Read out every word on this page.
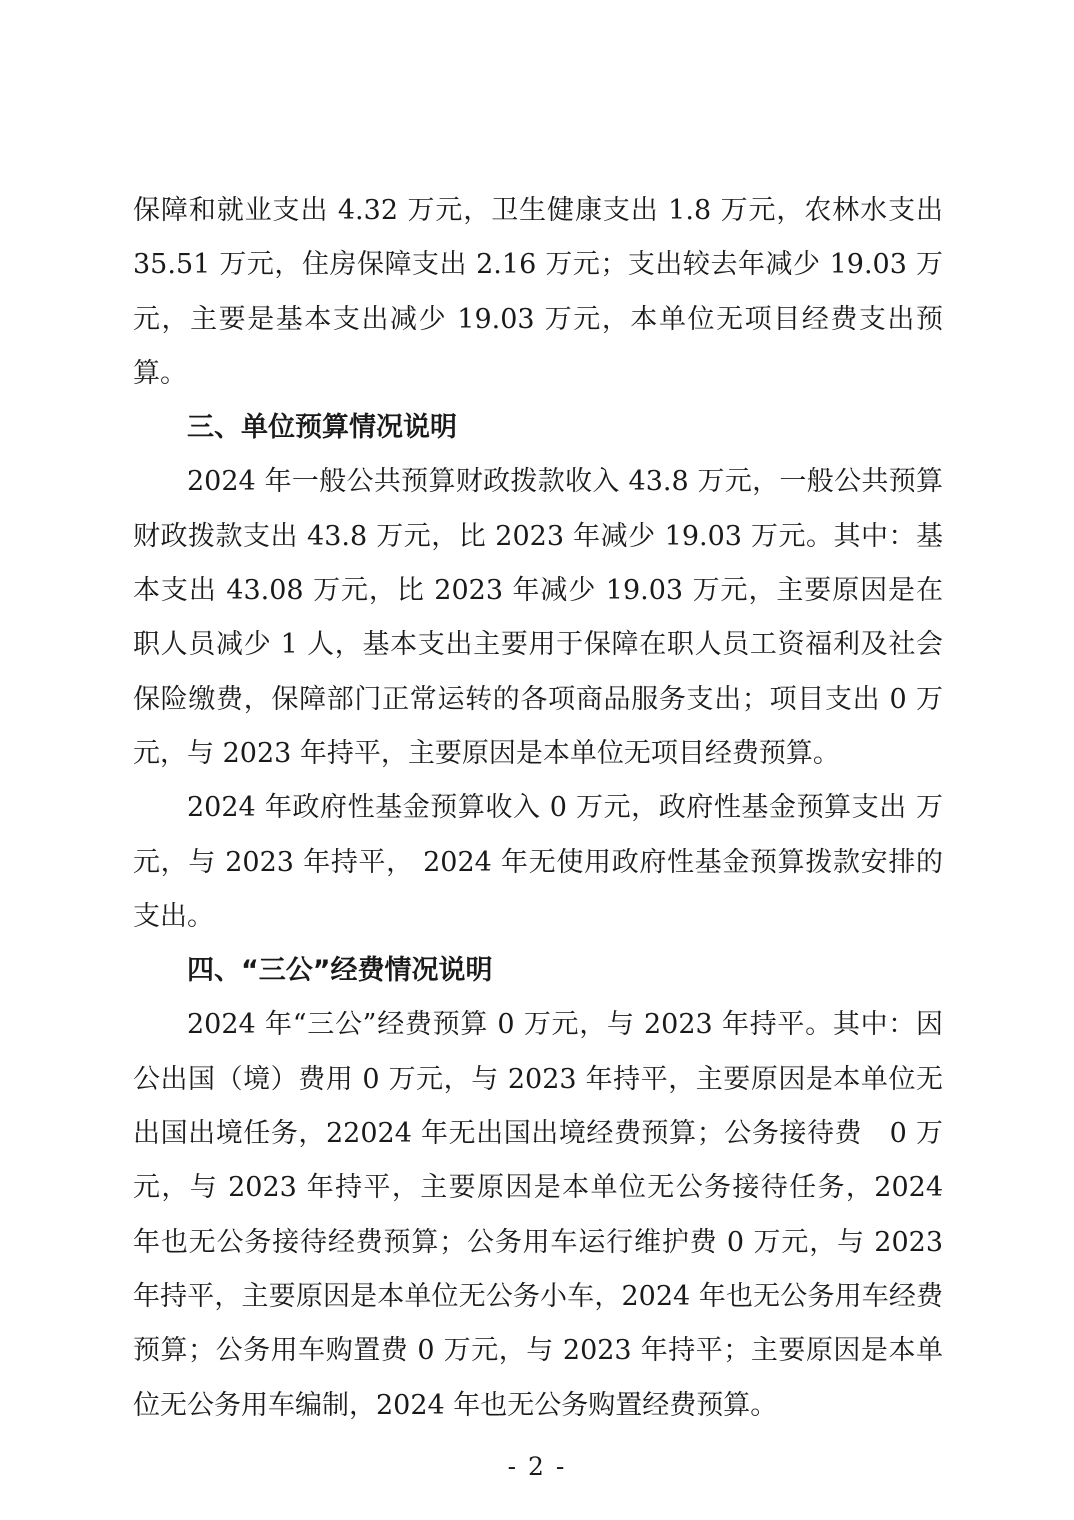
保障和就业支出 4.32 万元，卫生健康支出 1.8 万元，农林水支出 35.51 万元，住房保障支出 2.16 万元；支出较去年减少 19.03 万元，主要是基本支出减少 19.03 万元，本单位无项目经费支出预算。

三、单位预算情况说明

2024 年一般公共预算财政拨款收入 43.8 万元，一般公共预算财政拨款支出 43.8 万元，比 2023 年减少 19.03 万元。其中：基本支出 43.08 万元，比 2023 年减少 19.03 万元，主要原因是在职人员减少 1 人，基本支出主要用于保障在职人员工资福利及社会保险缴费，保障部门正常运转的各项商品服务支出；项目支出 0 万元，与 2023 年持平，主要原因是本单位无项目经费预算。

2024 年政府性基金预算收入 0 万元，政府性基金预算支出 万元，与 2023 年持平， 2024 年无使用政府性基金预算拨款安排的支出。

四、“三公”经费情况说明

2024 年“三公”经费预算 0 万元，与 2023 年持平。其中：因公出国（境）费用 0 万元，与 2023 年持平，主要原因是本单位无出国出境任务，22024 年无出国出境经费预算；公务接待费　0 万元，与 2023 年持平，主要原因是本单位无公务接待任务，2024 年也无公务接待经费预算；公务用车运行维护费 0 万元，与 2023 年持平，主要原因是本单位无公务小车，2024 年也无公务用车经费预算；公务用车购置费 0 万元，与 2023 年持平；主要原因是本单位无公务用车编制，2024 年也无公务购置经费预算。

- 2 -
